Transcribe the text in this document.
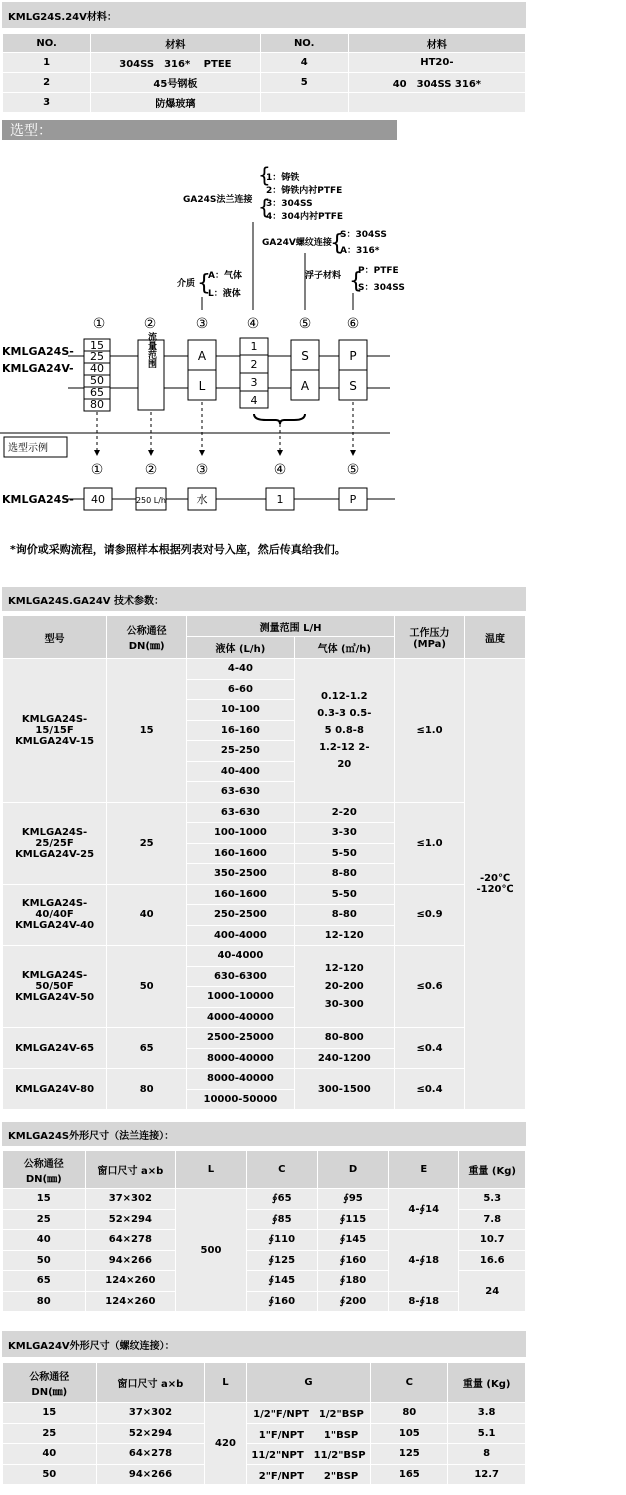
KMLG24S.24V材料：
NO.	材料	NO.	材料
1	304SS　316*　 PTEE	4	HT20-
2	45号钢板	5	40　304SS 316*
3	防爆玻璃		
选型：
GA24S法兰连接
{
1：铸铁
2：铸铁内衬PTFE
3：304SS
4：304内衬PTFE
{
GA24V螺纹连接
{
S：304SS
A：316*
介质 {
A：气体
L：液体
浮子材料 {
P：PTFE
S：304SS
①	②	③	④	⑤	⑥
KMLGA24S-
KMLGA24V-
15
25
40
50
65
80
流量范围	A
L
1
2
3
4
S
A
P
S
选型示例
①	②	③	④	⑤
KMLGA24S- 40	250 L/h	水	1	P
*询价或采购流程，请参照样本根据列表对号入座，然后传真给我们。
KMLGA24S.GA24V 技术参数：
型号	公称通径 DN(㎜)	测量范围 L/H		工作压力 (MPa)	温度
		液体 (L/h)	气体 (㎥/h)		
KMLGA24S-15/15F KMLGA24V-15	15	4-40	0.12-1.2 0.3-3 0.5-5 0.8-8 1.2-12 2-20	≤1.0	-20℃ -120℃
		6-60			
		10-100			
		16-160			
		25-250			
		40-400			
		63-630			
KMLGA24S-25/25F KMLGA24V-25	25	63-630	2-20	≤1.0	
		100-1000	3-30		
		160-1600	5-50		
		350-2500	8-80		
KMLGA24S-40/40F KMLGA24V-40	40	160-1600	5-50	≤0.9	
		250-2500	8-80		
		400-4000	12-120		
KMLGA24S-50/50F KMLGA24V-50	50	40-4000	12-120 20-200 30-300	≤0.6	
		630-6300			
		1000-10000			
		4000-40000			
KMLGA24V-65	65	2500-25000	80-800	≤0.4	
		8000-40000	240-1200		
KMLGA24V-80	80	8000-40000	300-1500	≤0.4	
		10000-50000			
KMLGA24S外形尺寸（法兰连接）：
公称通径 DN(㎜)	窗口尺寸 a×b	L	C	D	E	重量 (Kg)
15	37×302	500	∮65	∮95	4-∮14	5.3
25	52×294		∮85	∮115		7.8
40	64×278		∮110	∮145	4-∮18	10.7
50	94×266		∮125	∮160		16.6
65	124×260		∮145	∮180		24
80	124×260		∮160	∮200	8-∮18	
KMLGA24V外形尺寸（螺纹连接）：
公称通径 DN(㎜)	窗口尺寸 a×b	L	G	C	重量 (Kg)
15	37×302	420	1/2"F/NPT　1/2"BSP	80	3.8
25	52×294		1"F/NPT　　1"BSP	105	5.1
40	64×278		11/2"NPT　11/2"BSP	125	8
50	94×266		2"F/NPT　　2"BSP	165	12.7
